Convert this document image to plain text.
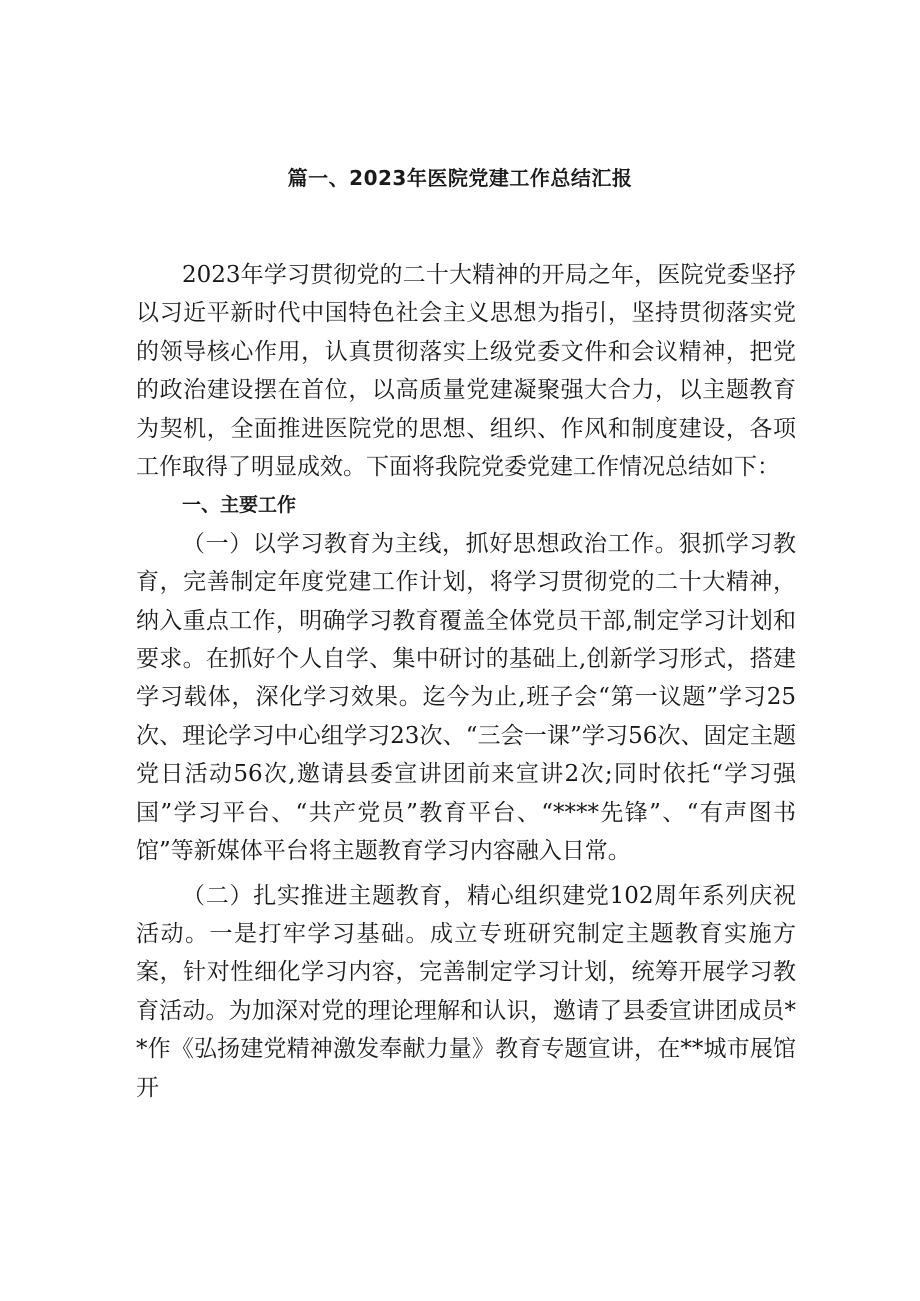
篇一、2023年医院党建工作总结汇报

2023年学习贯彻党的二十大精神的开局之年，医院党委坚抒以习近平新时代中国特色社会主义思想为指引，坚持贯彻落实党的领导核心作用，认真贯彻落实上级党委文件和会议精神，把党的政治建设摆在首位，以高质量党建凝聚强大合力，以主题教育为契机，全面推进医院党的思想、组织、作风和制度建设，各项工作取得了明显成效。下面将我院党委党建工作情况总结如下：

一、主要工作

（一）以学习教育为主线，抓好思想政治工作。狠抓学习教育，完善制定年度党建工作计划，将学习贯彻党的二十大精神，纳入重点工作，明确学习教育覆盖全体党员干部,制定学习计划和要求。在抓好个人自学、集中研讨的基础上,创新学习形式，搭建学习载体，深化学习效果。迄今为止,班子会“第一议题”学习25次、理论学习中心组学习23次、“三会一课”学习56次、固定主题党日活动56次,邀请县委宣讲团前来宣讲2次;同时依托“学习强国”学习平台、“共产党员”教育平台、“****先锋”、“有声图书馆”等新媒体平台将主题教育学习内容融入日常。

（二）扎实推进主题教育，精心组织建党102周年系列庆祝活动。一是打牢学习基础。成立专班研究制定主题教育实施方案，针对性细化学习内容，完善制定学习计划，统筹开展学习教育活动。为加深对党的理论理解和认识，邀请了县委宣讲团成员**作《弘扬建党精神激发奉献力量》教育专题宣讲，在**城市展馆开
